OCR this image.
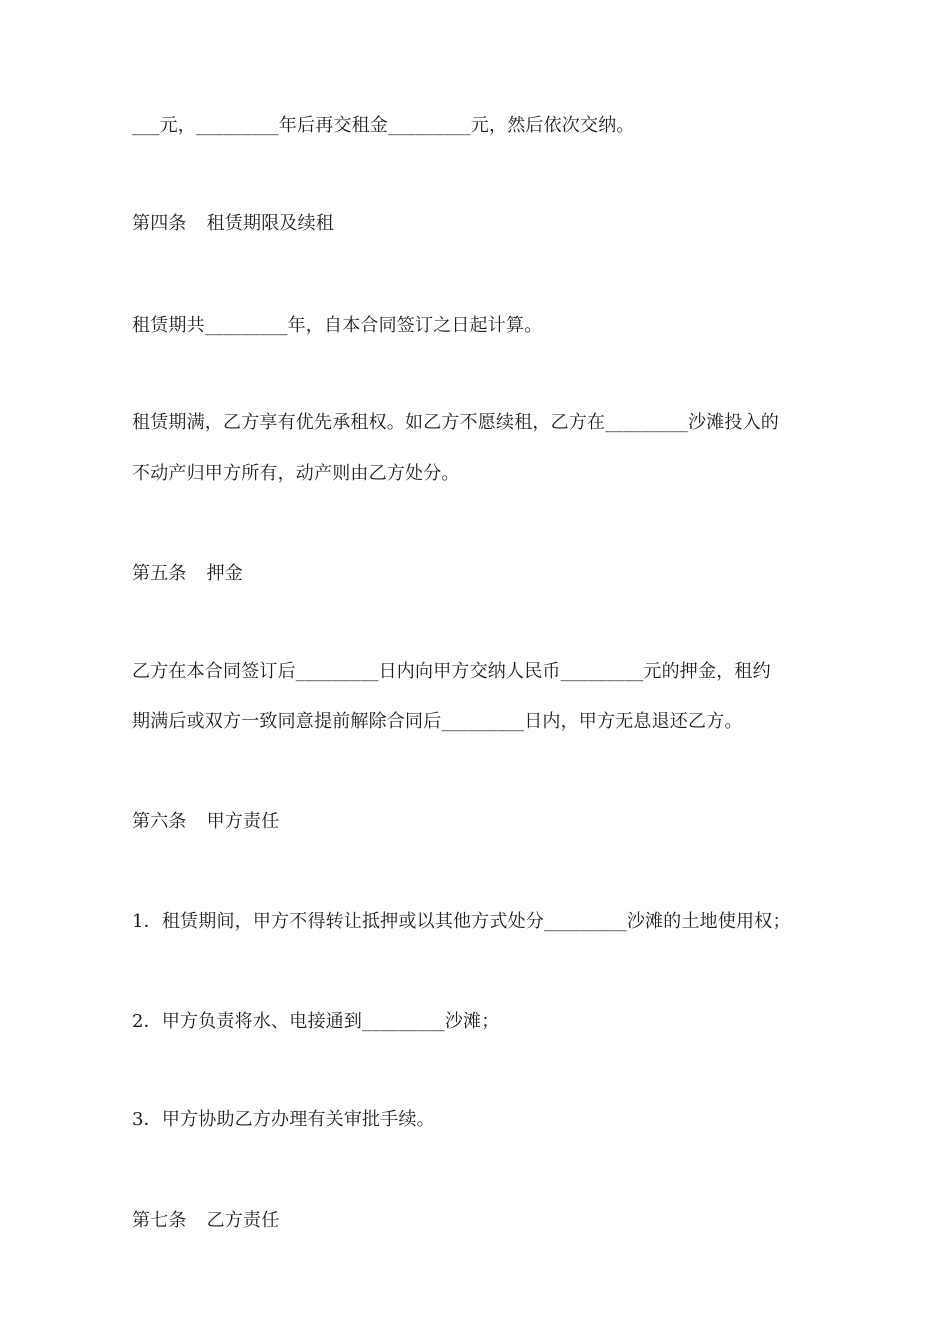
___元，_________年后再交租金_________元，然后依次交纳。
第四条 租赁期限及续租
租赁期共_________年，自本合同签订之日起计算。
租赁期满，乙方享有优先承租权。如乙方不愿续租，乙方在_________沙滩投入的
不动产归甲方所有，动产则由乙方处分。
第五条 押金
乙方在本合同签订后_________日内向甲方交纳人民币_________元的押金，租约
期满后或双方一致同意提前解除合同后_________日内，甲方无息退还乙方。
第六条 甲方责任
1．租赁期间，甲方不得转让抵押或以其他方式处分_________沙滩的土地使用权；
2．甲方负责将水、电接通到_________沙滩；
3．甲方协助乙方办理有关审批手续。
第七条 乙方责任
